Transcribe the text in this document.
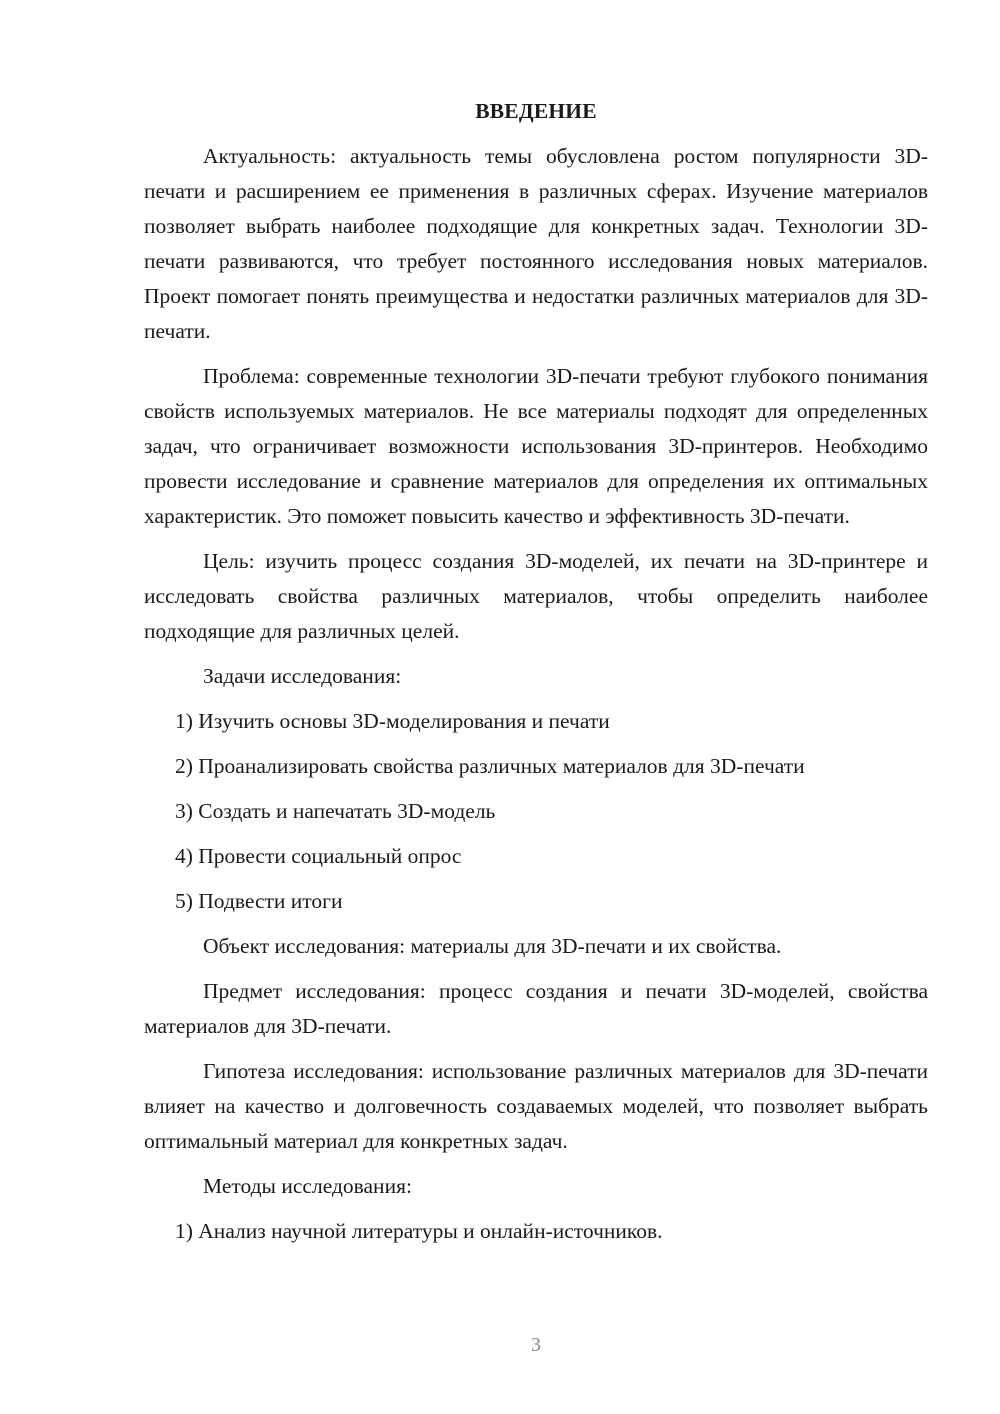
ВВЕДЕНИЕ

Актуальность: актуальность темы обусловлена ростом популярности 3D-печати и расширением ее применения в различных сферах. Изучение материалов позволяет выбрать наиболее подходящие для конкретных задач. Технологии 3D-печати развиваются, что требует постоянного исследования новых материалов. Проект помогает понять преимущества и недостатки различных материалов для 3D-печати.

Проблема: современные технологии 3D-печати требуют глубокого понимания свойств используемых материалов. Не все материалы подходят для определенных задач, что ограничивает возможности использования 3D-принтеров. Необходимо провести исследование и сравнение материалов для определения их оптимальных характеристик. Это поможет повысить качество и эффективность 3D-печати.

Цель: изучить процесс создания 3D-моделей, их печати на 3D-принтере и исследовать свойства различных материалов, чтобы определить наиболее подходящие для различных целей.

Задачи исследования:

1) Изучить основы 3D-моделирования и печати
2) Проанализировать свойства различных материалов для 3D-печати
3) Создать и напечатать 3D-модель
4) Провести социальный опрос
5) Подвести итоги

Объект исследования: материалы для 3D-печати и их свойства.

Предмет исследования: процесс создания и печати 3D-моделей, свойства материалов для 3D-печати.

Гипотеза исследования: использование различных материалов для 3D-печати влияет на качество и долговечность создаваемых моделей, что позволяет выбрать оптимальный материал для конкретных задач.

Методы исследования:

1) Анализ научной литературы и онлайн-источников.
3
